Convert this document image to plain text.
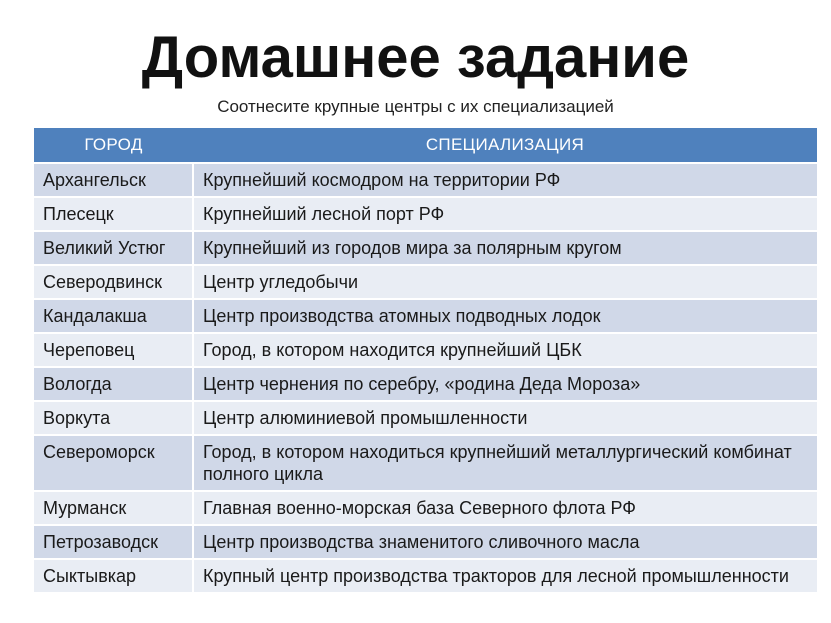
Домашнее задание
Соотнесите крупные центры с их специализацией
ГОРОД	СПЕЦИАЛИЗАЦИЯ
Архангельск	Крупнейший космодром на территории РФ
Плесецк	Крупнейший лесной порт РФ
Великий Устюг	Крупнейший из городов мира за полярным кругом
Северодвинск	Центр угледобычи
Кандалакша	Центр производства атомных подводных лодок
Череповец	Город, в котором находится крупнейший ЦБК
Вологда	Центр чернения по серебру, «родина Деда Мороза»
Воркута	Центр алюминиевой промышленности
Североморск	Город, в котором находиться крупнейший металлургический комбинат полного цикла
Мурманск	Главная военно-морская база Северного флота РФ
Петрозаводск	Центр производства знаменитого сливочного масла
Сыктывкар	Крупный центр производства тракторов для лесной промышленности
